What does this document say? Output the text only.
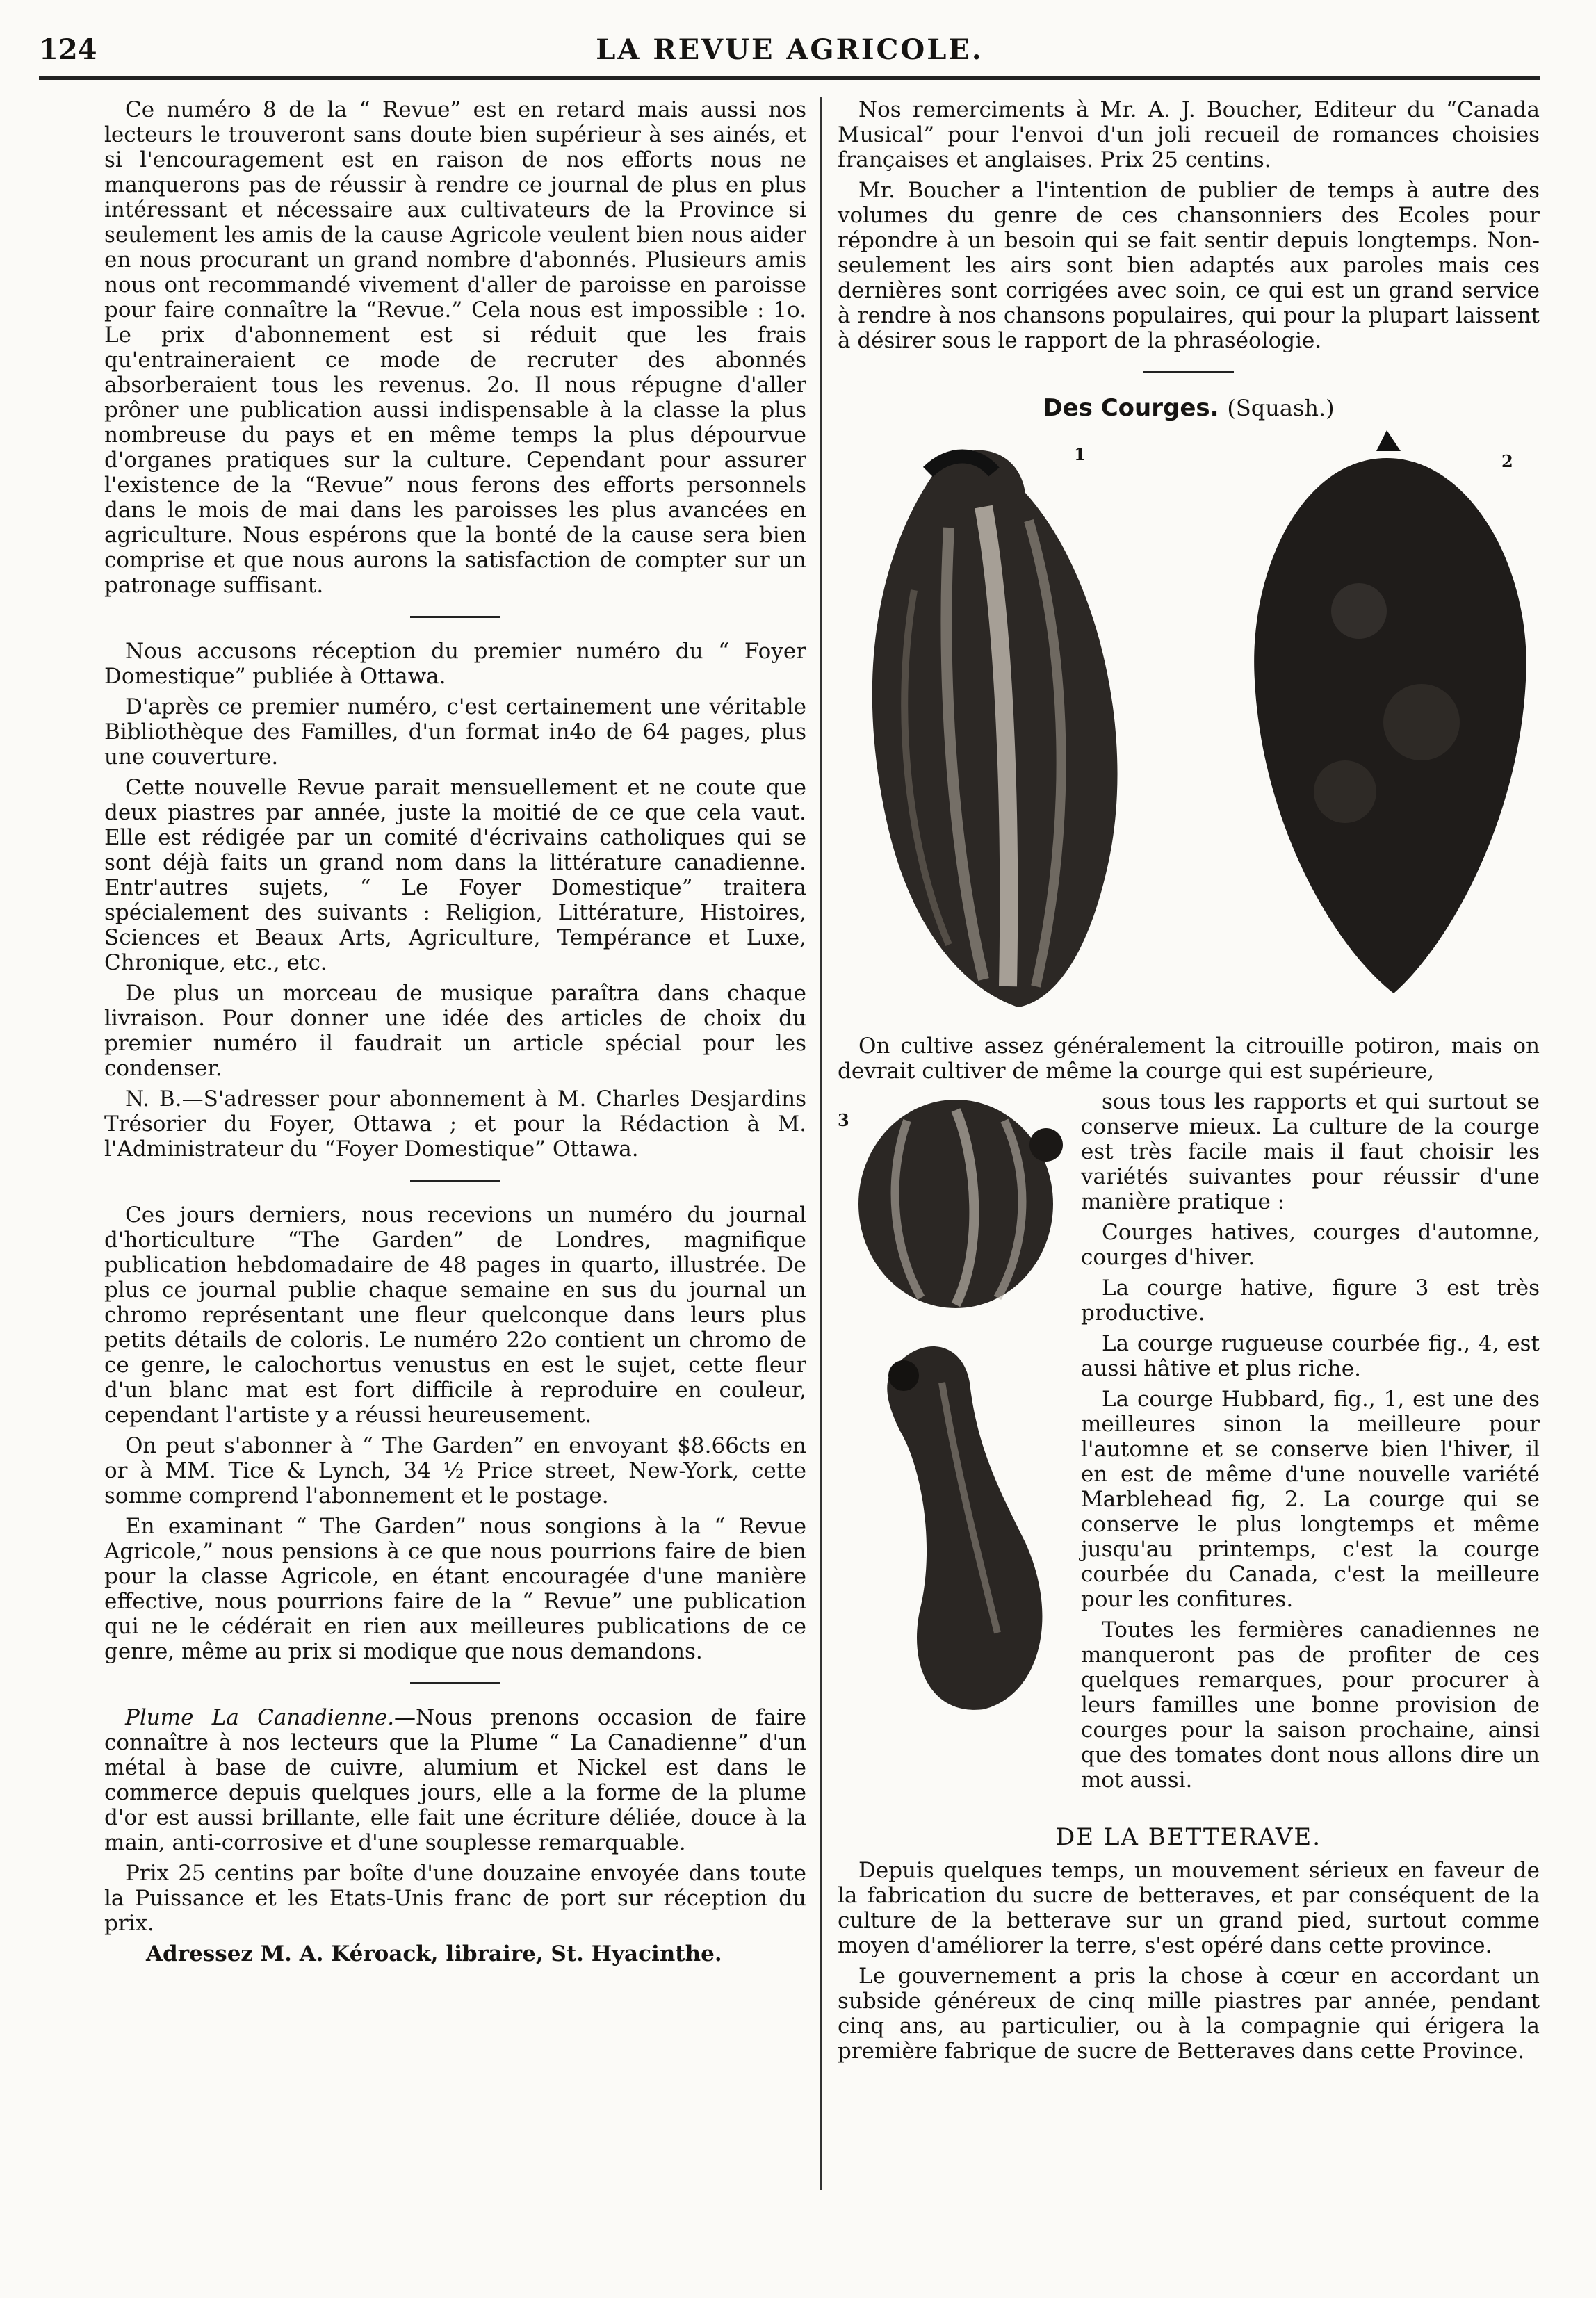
124	LA REVUE AGRICOLE.

Ce numéro 8 de la “ Revue” est en retard mais aussi nos lecteurs le trouveront sans doute bien supérieur à ses ainés, et si l'encouragement est en raison de nos efforts nous ne manquerons pas de réussir à rendre ce journal de plus en plus intéressant et nécessaire aux cultivateurs de la Province si seulement les amis de la cause Agricole veulent bien nous aider en nous procurant un grand nombre d'abonnés. Plusieurs amis nous ont recommandé vivement d'aller de paroisse en paroisse pour faire connaître la “Revue.” Cela nous est impossible : 1o. Le prix d'abonnement est si réduit que les frais qu'entraineraient ce mode de recruter des abonnés absorberaient tous les revenus. 2o. Il nous répugne d'aller prôner une publication aussi indispensable à la classe la plus nombreuse du pays et en même temps la plus dépourvue d'organes pratiques sur la culture. Cependant pour assurer l'existence de la “Revue” nous ferons des efforts personnels dans le mois de mai dans les paroisses les plus avancées en agriculture. Nous espérons que la bonté de la cause sera bien comprise et que nous aurons la satisfaction de compter sur un patronage suffisant.

Nous accusons réception du premier numéro du “ Foyer Domestique” publiée à Ottawa.

D'après ce premier numéro, c'est certainement une véritable Bibliothèque des Familles, d'un format in4o de 64 pages, plus une couverture.

Cette nouvelle Revue parait mensuellement et ne coute que deux piastres par année, juste la moitié de ce que cela vaut. Elle est rédigée par un comité d'écrivains catholiques qui se sont déjà faits un grand nom dans la littérature canadienne. Entr'autres sujets, “ Le Foyer Domestique” traitera spécialement des suivants : Religion, Littérature, Histoires, Sciences et Beaux Arts, Agriculture, Tempérance et Luxe, Chronique, etc., etc.

De plus un morceau de musique paraîtra dans chaque livraison. Pour donner une idée des articles de choix du premier numéro il faudrait un article spécial pour les condenser.

N. B.—S'adresser pour abonnement à M. Charles Desjardins Trésorier du Foyer, Ottawa ; et pour la Rédaction à M. l'Administrateur du “Foyer Domestique” Ottawa.

Ces jours derniers, nous recevions un numéro du journal d'horticulture “The Garden” de Londres, magnifique publication hebdomadaire de 48 pages in quarto, illustrée. De plus ce journal publie chaque semaine en sus du journal un chromo représentant une fleur quelconque dans leurs plus petits détails de coloris. Le numéro 22o contient un chromo de ce genre, le calochortus venustus en est le sujet, cette fleur d'un blanc mat est fort difficile à reproduire en couleur, cependant l'artiste y a réussi heureusement.

On peut s'abonner à “ The Garden” en envoyant $8.66cts en or à MM. Tice & Lynch, 34 ½ Price street, New-York, cette somme comprend l'abonnement et le postage.

En examinant “ The Garden” nous songions à la “ Revue Agricole,” nous pensions à ce que nous pourrions faire de bien pour la classe Agricole, en étant encouragée d'une manière effective, nous pourrions faire de la “ Revue” une publication qui ne le cédérait en rien aux meilleures publications de ce genre, même au prix si modique que nous demandons.

Plume La Canadienne.—Nous prenons occasion de faire connaître à nos lecteurs que la Plume “ La Canadienne” d'un métal à base de cuivre, alumium et Nickel est dans le commerce depuis quelques jours, elle a la forme de la plume d'or est aussi brillante, elle fait une écriture déliée, douce à la main, anti-corrosive et d'une souplesse remarquable.

Prix 25 centins par boîte d'une douzaine envoyée dans toute la Puissance et les Etats-Unis franc de port sur réception du prix.

Adressez M. A. Kéroack, libraire, St. Hyacinthe.

Nos remerciments à Mr. A. J. Boucher, Editeur du “Canada Musical” pour l'envoi d'un joli recueil de romances choisies françaises et anglaises. Prix 25 centins.

Mr. Boucher a l'intention de publier de temps à autre des volumes du genre de ces chansonniers des Ecoles pour répondre à un besoin qui se fait sentir depuis longtemps. Non-seulement les airs sont bien adaptés aux paroles mais ces dernières sont corrigées avec soin, ce qui est un grand service à rendre à nos chansons populaires, qui pour la plupart laissent à désirer sous le rapport de la phraséologie.

Des Courges. (Squash.)
1	2

On cultive assez généralement la citrouille potiron, mais on devrait cultiver de même la courge qui est supérieure,

3

sous tous les rapports et qui surtout se conserve mieux. La culture de la courge est très facile mais il faut choisir les variétés suivantes pour réussir d'une manière pratique :

Courges hatives, courges d'automne, courges d'hiver.

La courge hative, figure 3 est très productive.

La courge rugueuse courbée fig., 4, est aussi hâtive et plus riche.

La courge Hubbard, fig., 1, est une des meilleures sinon la meilleure pour l'automne et se conserve bien l'hiver, il en est de même d'une nouvelle variété Marblehead fig, 2. La courge qui se conserve le plus longtemps et même jusqu'au printemps, c'est la courge courbée du Canada, c'est la meilleure pour les confitures.

Toutes les fermières canadiennes ne manqueront pas de profiter de ces quelques remarques, pour procurer à leurs familles une bonne provision de courges pour la saison prochaine, ainsi que des tomates dont nous allons dire un mot aussi.

DE LA BETTERAVE.

Depuis quelques temps, un mouvement sérieux en faveur de la fabrication du sucre de betteraves, et par conséquent de la culture de la betterave sur un grand pied, surtout comme moyen d'améliorer la terre, s'est opéré dans cette province.

Le gouvernement a pris la chose à cœur en accordant un subside généreux de cinq mille piastres par année, pendant cinq ans, au particulier, ou à la compagnie qui érigera la première fabrique de sucre de Betteraves dans cette Province.
